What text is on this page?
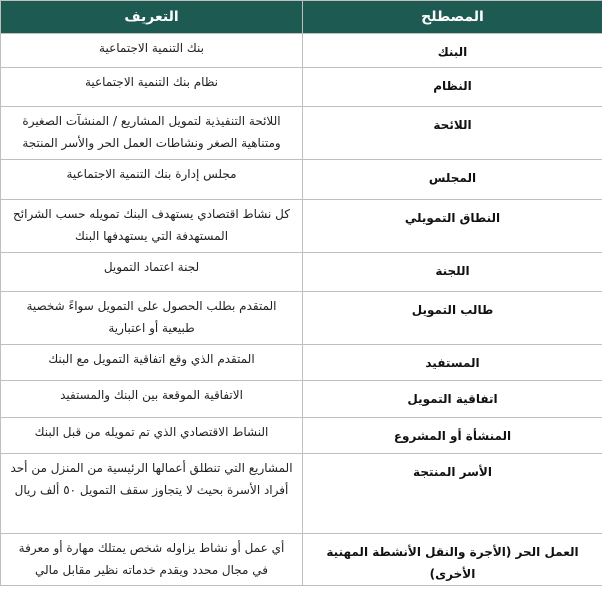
المصطلح	التعريف
البنك	بنك التنمية الاجتماعية
النظام	نظام بنك التنمية الاجتماعية
اللائحة	اللائحة التنفيذية لتمويل المشاريع / المنشآت الصغيرة ومتناهية الصغر ونشاطات العمل الحر والأسر المنتجة
المجلس	مجلس إدارة بنك التنمية الاجتماعية
النطاق التمويلي	كل نشاط اقتصادي يستهدف البنك تمويله حسب الشرائح المستهدفة التي يستهدفها البنك
اللجنة	لجنة اعتماد التمويل
طالب التمويل	المتقدم بطلب الحصول على التمويل سواءً شخصية طبيعية أو اعتبارية
المستفيد	المتقدم الذي وقع اتفاقية التمويل مع البنك
اتفاقية التمويل	الاتفاقية الموقعة بين البنك والمستفيد
المنشأة أو المشروع	النشاط الاقتصادي الذي تم تمويله من قبل البنك
الأسر المنتجة	المشاريع التي تنطلق أعمالها الرئيسية من المنزل من أحد أفراد الأسرة بحيث لا يتجاوز سقف التمويل ٥٠ ألف ريال
العمل الحر (الأجرة والنقل الأنشطة المهنية الأخرى)	أي عمل أو نشاط يزاوله شخص يمتلك مهارة أو معرفة في مجال محدد ويقدم خدماته نظير مقابل مالي
